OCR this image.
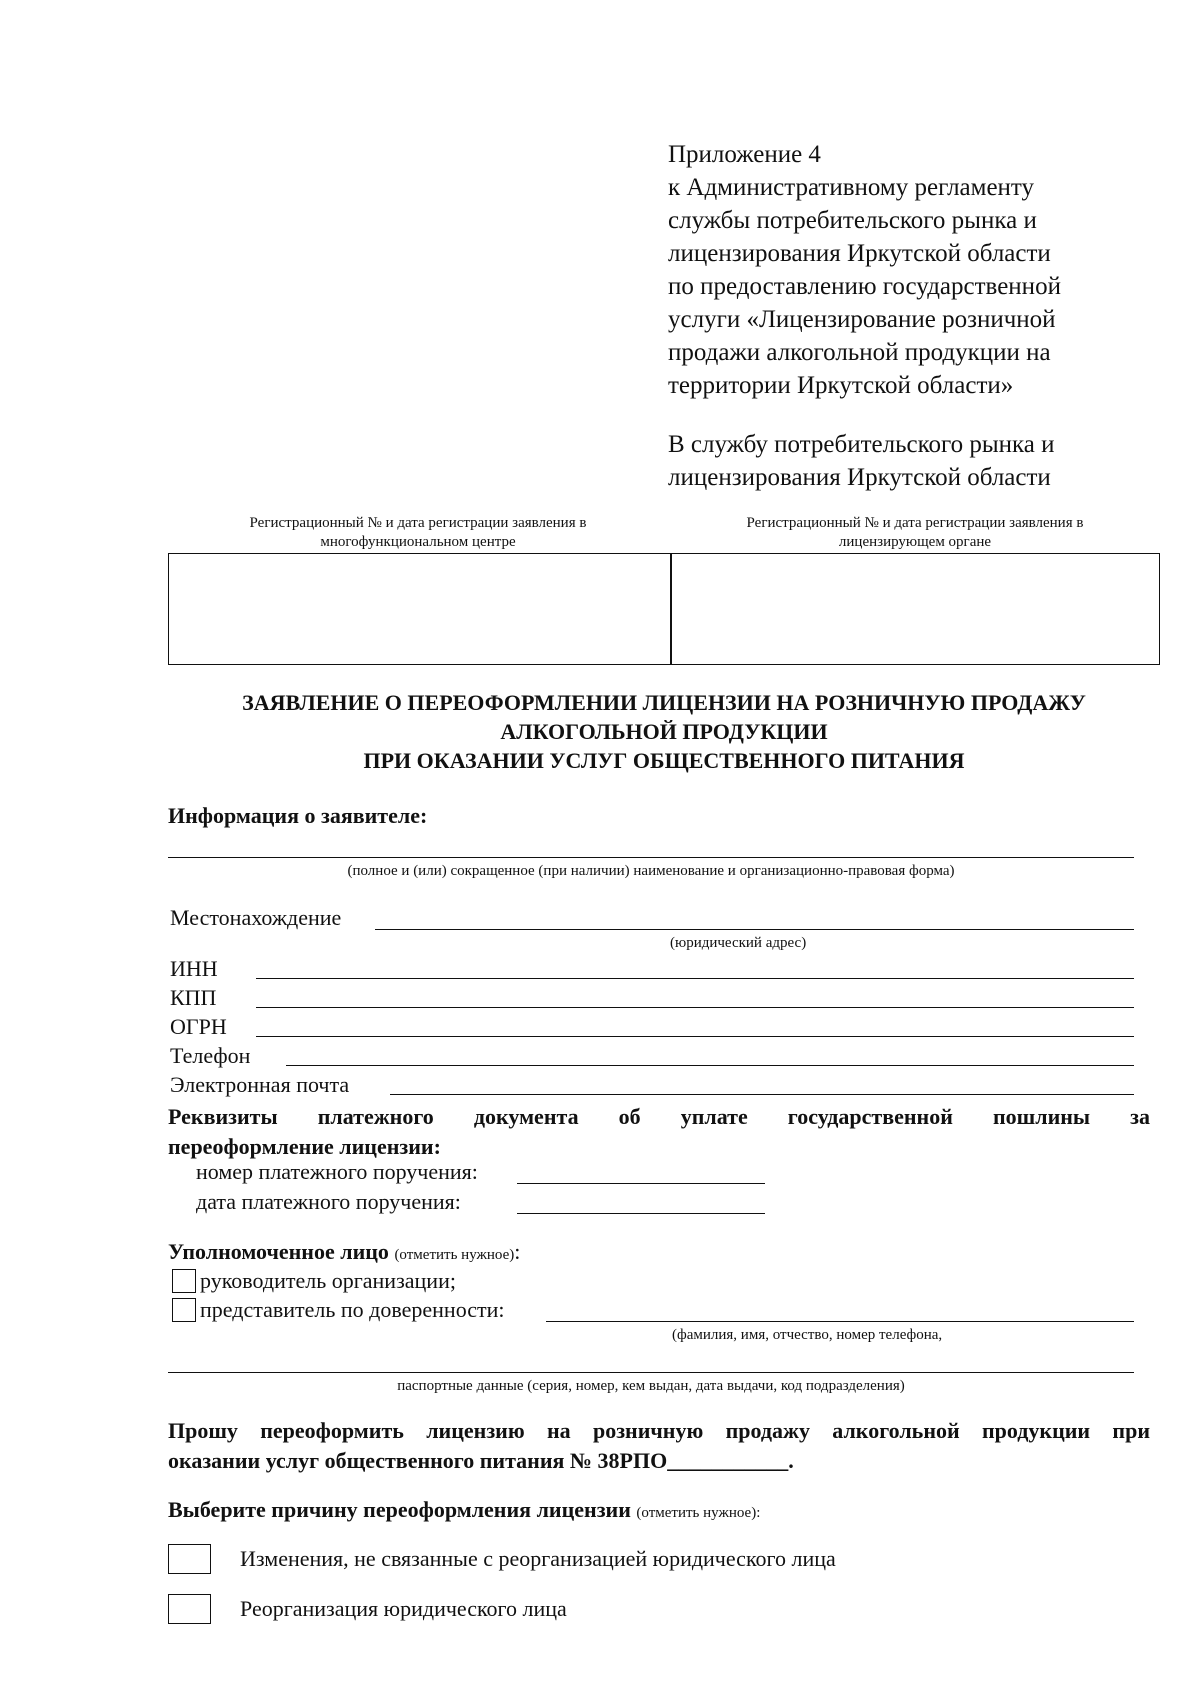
Приложение 4
к Административному регламенту
службы потребительского рынка и
лицензирования Иркутской области
по предоставлению государственной
услуги «Лицензирование розничной
продажи алкогольной продукции на
территории Иркутской области»
В службу потребительского рынка и
лицензирования Иркутской области
Регистрационный № и дата регистрации заявления в
многофункциональном центре
Регистрационный № и дата регистрации заявления в
лицензирующем органе
ЗАЯВЛЕНИЕ О ПЕРЕОФОРМЛЕНИИ ЛИЦЕНЗИИ НА РОЗНИЧНУЮ ПРОДАЖУ
АЛКОГОЛЬНОЙ ПРОДУКЦИИ
ПРИ ОКАЗАНИИ УСЛУГ ОБЩЕСТВЕННОГО ПИТАНИЯ
Информация о заявителе:
(полное и (или) сокращенное (при наличии) наименование и организационно-правовая форма)
Местонахождение
(юридический адрес)
ИНН
КПП
ОГРН
Телефон
Электронная почта
Реквизиты платежного документа об уплате государственной пошлины за
переоформление лицензии:
номер платежного поручения:
дата платежного поручения:
Уполномоченное лицо (отметить нужное):
руководитель организации;
представитель по доверенности:
(фамилия, имя, отчество, номер телефона,
паспортные данные (серия, номер, кем выдан, дата выдачи, код подразделения)
Прошу переоформить лицензию на розничную продажу алкогольной продукции при
оказании услуг общественного питания № 38РПО___________.
Выберите причину переоформления лицензии (отметить нужное):
Изменения, не связанные с реорганизацией юридического лица
Реорганизация юридического лица
